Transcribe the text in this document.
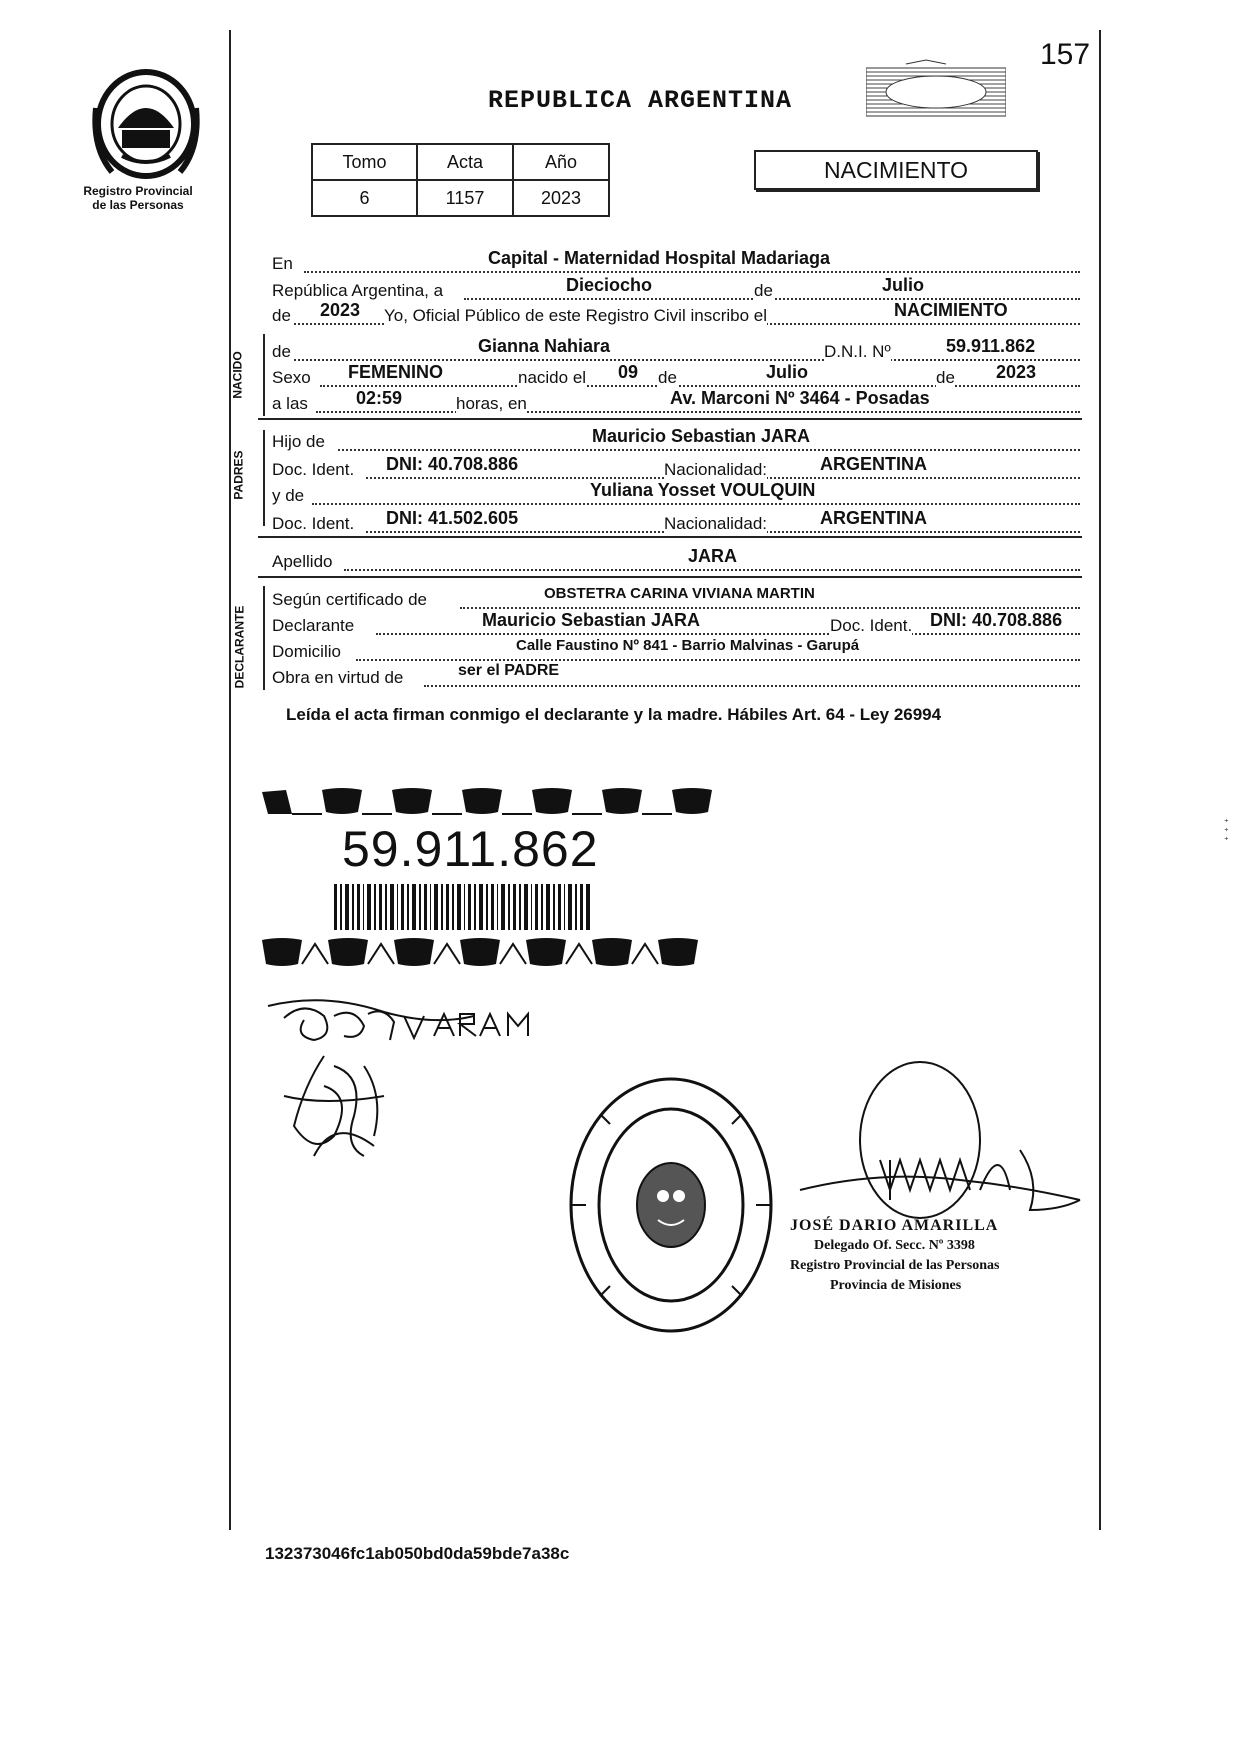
Registro Provincial
de las Personas
157
REPUBLICA ARGENTINA
Tomo	Acta	Año
6	1157	2023
NACIMIENTO
En	Capital - Maternidad Hospital Madariaga
República Argentina, a	Dieciocho	de	Julio
de 2023 Yo, Oficial Público de este Registro Civil inscribo el	NACIMIENTO
NACIDO de	Gianna Nahiara	D.N.I. Nº	59.911.862
Sexo FEMENINO	nacido el 09 de	Julio	de 2023
a las	02:59	horas, en	Av. Marconi Nº 3464 - Posadas
PADRES
Hijo de	Mauricio Sebastian JARA
Doc. Ident. DNI: 40.708.886	Nacionalidad:	ARGENTINA
y de	Yuliana Yosset VOULQUIN
Doc. Ident. DNI: 41.502.605	Nacionalidad:	ARGENTINA
Apellido	JARA
DECLARANTE
Según certificado de	OBSTETRA CARINA VIVIANA MARTIN
Declarante	Mauricio Sebastian JARA	Doc. Ident. DNI: 40.708.886
Domicilio	Calle Faustino Nº 841 - Barrio Malvinas - Garupá
Obra en virtud de	ser el PADRE
Leída el acta firman conmigo el declarante y la madre. Hábiles Art. 64 - Ley 26994
59.911.862
JOSÉ DARIO AMARILLA
Delegado Of. Secc. Nº 3398
Registro Provincial de las Personas
Provincia de Misiones
⁺
⁺
⁺
132373046fc1ab050bd0da59bde7a38c
